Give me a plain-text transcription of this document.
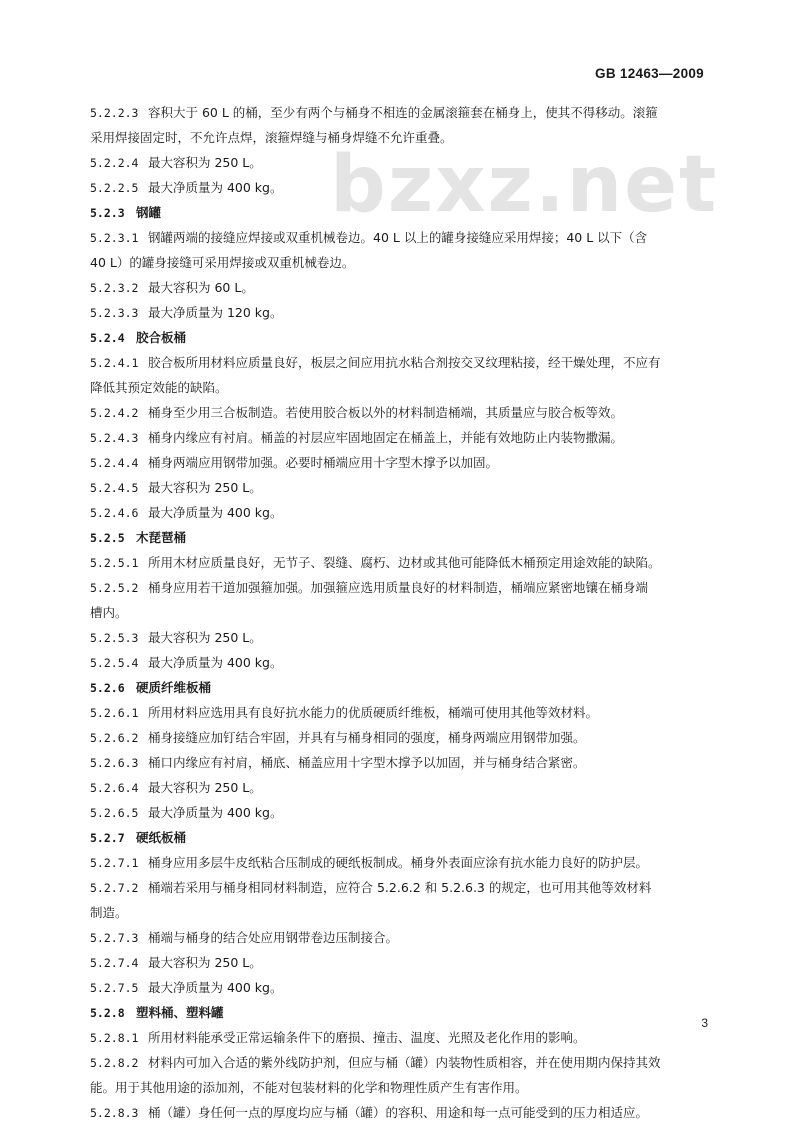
GB 12463—2009
bzxz.net
5.2.2.3 容积大于 60 L 的桶，至少有两个与桶身不相连的金属滚箍套在桶身上，使其不得移动。滚箍
采用焊接固定时，不允许点焊，滚箍焊缝与桶身焊缝不允许重叠。
5.2.2.4 最大容积为 250 L。
5.2.2.5 最大净质量为 400 kg。
5.2.3 钢罐
5.2.3.1 钢罐两端的接缝应焊接或双重机械卷边。40 L 以上的罐身接缝应采用焊接；40 L 以下（含
40 L）的罐身接缝可采用焊接或双重机械卷边。
5.2.3.2 最大容积为 60 L。
5.2.3.3 最大净质量为 120 kg。
5.2.4 胶合板桶
5.2.4.1 胶合板所用材料应质量良好，板层之间应用抗水粘合剂按交叉纹理粘接，经干燥处理，不应有
降低其预定效能的缺陷。
5.2.4.2 桶身至少用三合板制造。若使用胶合板以外的材料制造桶端，其质量应与胶合板等效。
5.2.4.3 桶身内缘应有衬肩。桶盖的衬层应牢固地固定在桶盖上，并能有效地防止内装物撒漏。
5.2.4.4 桶身两端应用钢带加强。必要时桶端应用十字型木撑予以加固。
5.2.4.5 最大容积为 250 L。
5.2.4.6 最大净质量为 400 kg。
5.2.5 木琵琶桶
5.2.5.1 所用木材应质量良好，无节子、裂缝、腐朽、边材或其他可能降低木桶预定用途效能的缺陷。
5.2.5.2 桶身应用若干道加强箍加强。加强箍应选用质量良好的材料制造，桶端应紧密地镶在桶身端
槽内。
5.2.5.3 最大容积为 250 L。
5.2.5.4 最大净质量为 400 kg。
5.2.6 硬质纤维板桶
5.2.6.1 所用材料应选用具有良好抗水能力的优质硬质纤维板，桶端可使用其他等效材料。
5.2.6.2 桶身接缝应加钉结合牢固，并具有与桶身相同的强度，桶身两端应用钢带加强。
5.2.6.3 桶口内缘应有衬肩，桶底、桶盖应用十字型木撑予以加固，并与桶身结合紧密。
5.2.6.4 最大容积为 250 L。
5.2.6.5 最大净质量为 400 kg。
5.2.7 硬纸板桶
5.2.7.1 桶身应用多层牛皮纸粘合压制成的硬纸板制成。桶身外表面应涂有抗水能力良好的防护层。
5.2.7.2 桶端若采用与桶身相同材料制造，应符合 5.2.6.2 和 5.2.6.3 的规定，也可用其他等效材料
制造。
5.2.7.3 桶端与桶身的结合处应用钢带卷边压制接合。
5.2.7.4 最大容积为 250 L。
5.2.7.5 最大净质量为 400 kg。
5.2.8 塑料桶、塑料罐
5.2.8.1 所用材料能承受正常运输条件下的磨损、撞击、温度、光照及老化作用的影响。
5.2.8.2 材料内可加入合适的紫外线防护剂，但应与桶（罐）内装物性质相容，并在使用期内保持其效
能。用于其他用途的添加剂，不能对包装材料的化学和物理性质产生有害作用。
5.2.8.3 桶（罐）身任何一点的厚度均应与桶（罐）的容积、用途和每一点可能受到的压力相适应。
3
